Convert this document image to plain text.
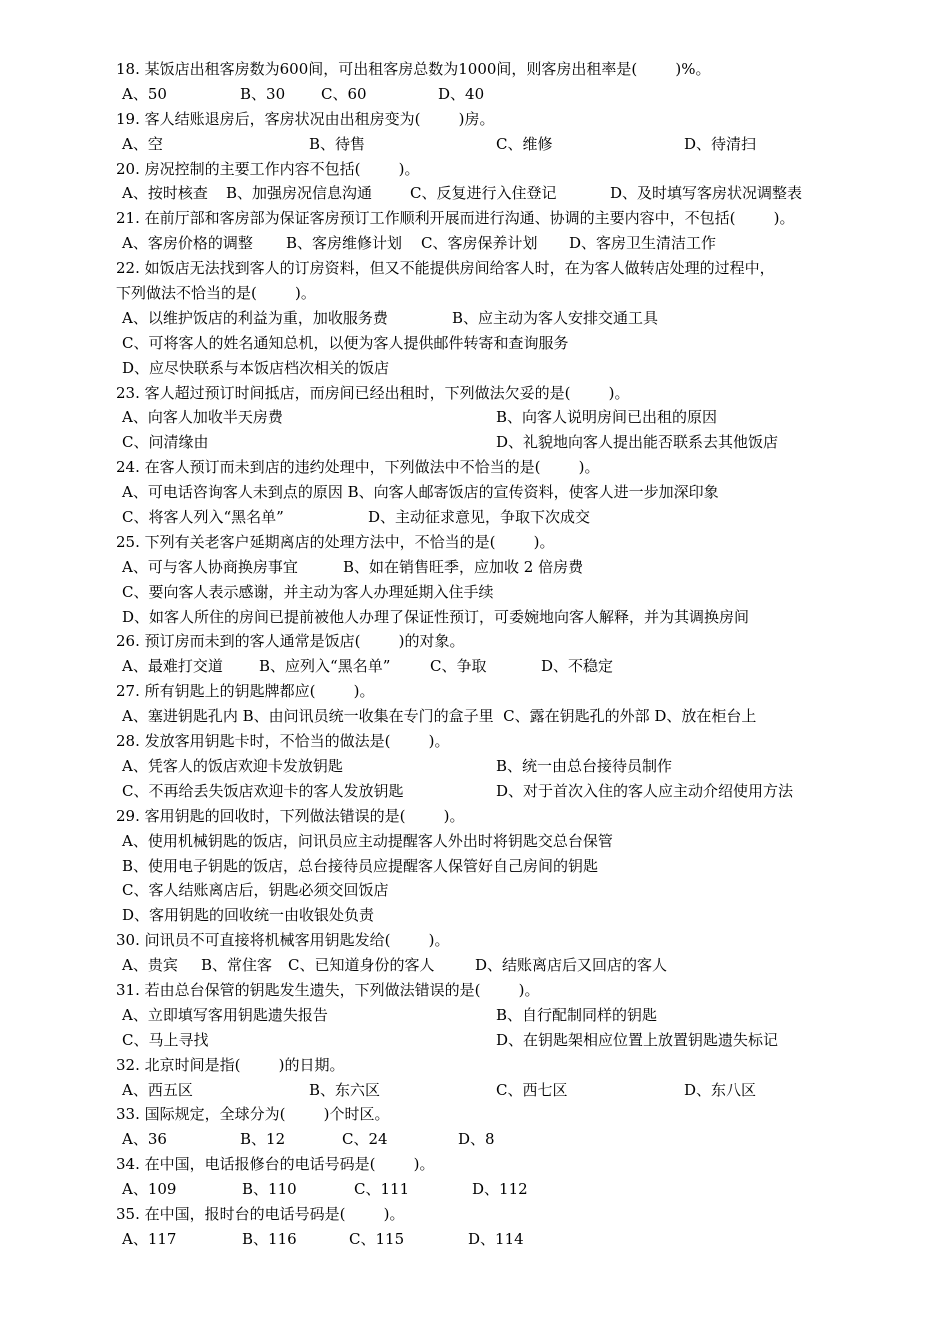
18. 某饭店出租客房数为600间，可出租客房总数为1000间，则客房出租率是(        )%。
A、50	B、30 C、60	D、40
19. 客人结账退房后，客房状况由出租房变为(        )房。
A、空	B、待售	C、维修	D、待清扫
20. 房况控制的主要工作内容不包括(        )。
A、按时核查 B、加强房况信息沟通	C、反复进行入住登记	D、及时填写客房状况调整表
21. 在前厅部和客房部为保证客房预订工作顺利开展而进行沟通、协调的主要内容中，不包括(        )。
A、客房价格的调整 B、客房维修计划 C、客房保养计划 D、客房卫生清洁工作
22. 如饭店无法找到客人的订房资料，但又不能提供房间给客人时，在为客人做转店处理的过程中，
下列做法不恰当的是(        )。
A、以维护饭店的利益为重，加收服务费	B、应主动为客人安排交通工具
C、可将客人的姓名通知总机，以便为客人提供邮件转寄和查询服务
D、应尽快联系与本饭店档次相关的饭店
23. 客人超过预订时间抵店，而房间已经出租时，下列做法欠妥的是(        )。
A、向客人加收半天房费	B、向客人说明房间已出租的原因
C、问清缘由	D、礼貌地向客人提出能否联系去其他饭店
24. 在客人预订而未到店的违约处理中，下列做法中不恰当的是(        )。
A、可电话咨询客人未到点的原因 B、向客人邮寄饭店的宣传资料，使客人进一步加深印象
C、将客人列入“黑名单”	D、主动征求意见，争取下次成交
25. 下列有关老客户延期离店的处理方法中，不恰当的是(        )。
A、可与客人协商换房事宜	B、如在销售旺季，应加收 2 倍房费
C、要向客人表示感谢，并主动为客人办理延期入住手续
D、如客人所住的房间已提前被他人办理了保证性预订，可委婉地向客人解释，并为其调换房间
26. 预订房而未到的客人通常是饭店(        )的对象。
A、最难打交道 B、应列入“黑名单”	C、争取	D、不稳定
27. 所有钥匙上的钥匙牌都应(        )。
A、塞进钥匙孔内 B、由问讯员统一收集在专门的盒子里  C、露在钥匙孔的外部 D、放在柜台上
28. 发放客用钥匙卡时，不恰当的做法是(        )。
A、凭客人的饭店欢迎卡发放钥匙	B、统一由总台接待员制作
C、不再给丢失饭店欢迎卡的客人发放钥匙	D、对于首次入住的客人应主动介绍使用方法
29. 客用钥匙的回收时，下列做法错误的是(        )。
A、使用机械钥匙的饭店，问讯员应主动提醒客人外出时将钥匙交总台保管
B、使用电子钥匙的饭店，总台接待员应提醒客人保管好自己房间的钥匙
C、客人结账离店后，钥匙必须交回饭店
D、客用钥匙的回收统一由收银处负责
30. 问讯员不可直接将机械客用钥匙发给(        )。
A、贵宾 B、常住客 C、已知道身份的客人	D、结账离店后又回店的客人
31. 若由总台保管的钥匙发生遗失，下列做法错误的是(        )。
A、立即填写客用钥匙遗失报告	B、自行配制同样的钥匙
C、马上寻找	D、在钥匙架相应位置上放置钥匙遗失标记
32. 北京时间是指(        )的日期。
A、西五区	B、东六区	C、西七区	D、东八区
33. 国际规定，全球分为(        )个时区。
A、36	B、12	C、24	D、8
34. 在中国，电话报修台的电话号码是(        )。
A、109	B、110	C、111	D、112
35. 在中国，报时台的电话号码是(        )。
A、117	B、116	C、115	D、114
